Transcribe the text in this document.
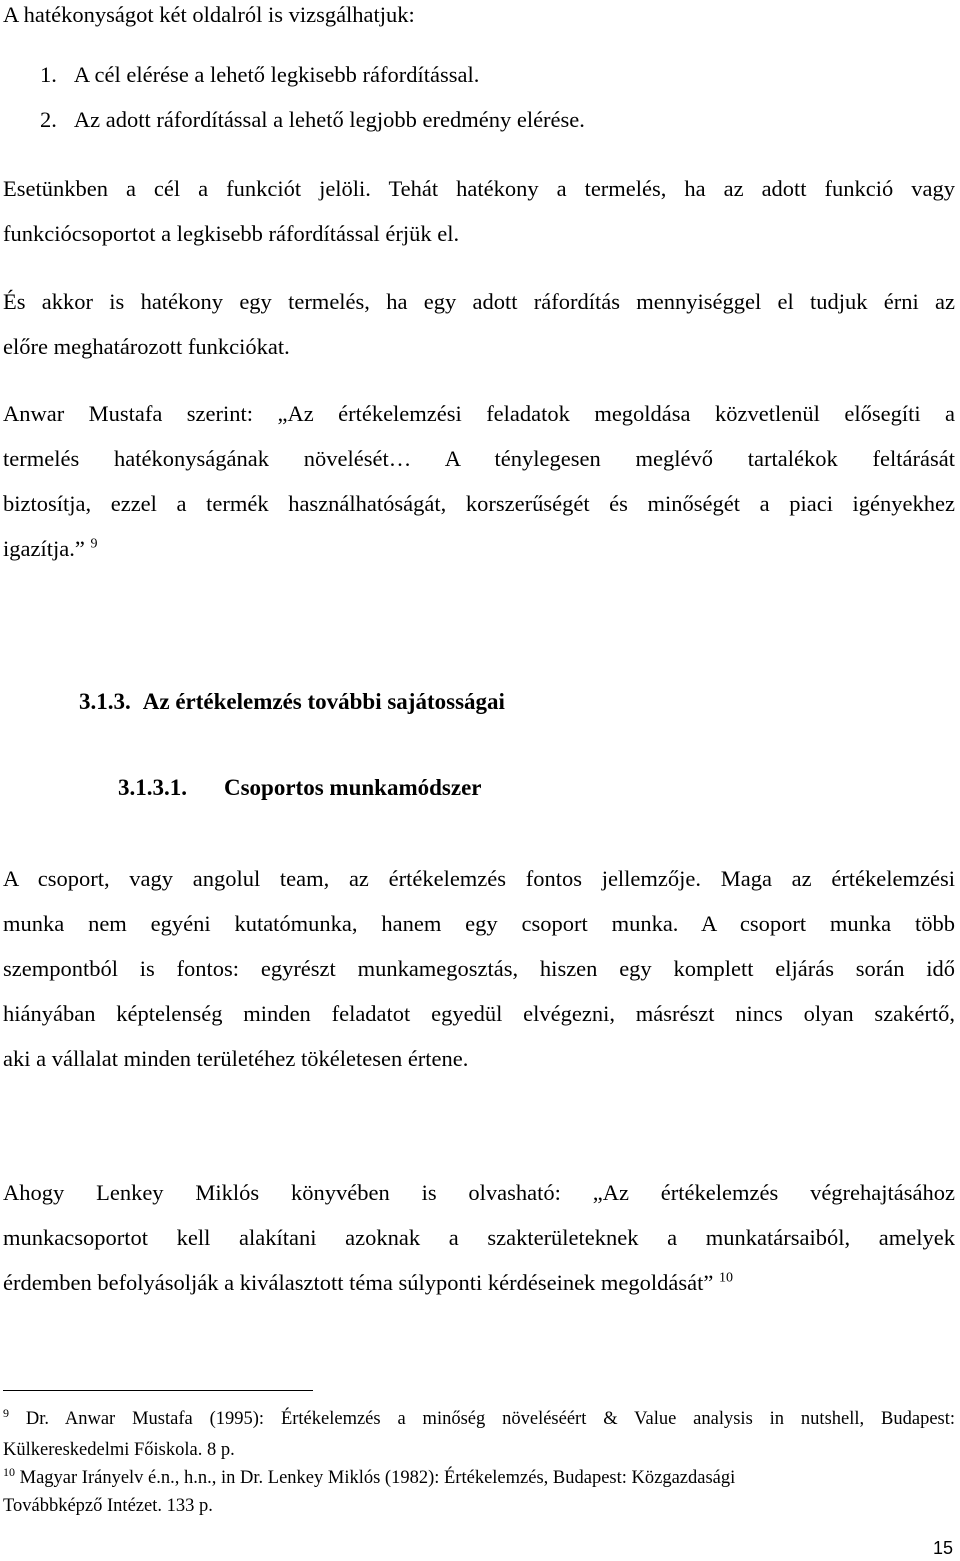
A hatékonyságot két oldalról is vizsgálhatjuk:
1. A cél elérése a lehető legkisebb ráfordítással.
2. Az adott ráfordítással a lehető legjobb eredmény elérése.
Esetünkben a cél a funkciót jelöli. Tehát hatékony a termelés, ha az adott funkció vagy
funkciócsoportot a legkisebb ráfordítással érjük el.
És akkor is hatékony egy termelés, ha egy adott ráfordítás mennyiséggel el tudjuk érni az
előre meghatározott funkciókat.
Anwar Mustafa szerint: „Az értékelemzési feladatok megoldása közvetlenül elősegíti a
termelés hatékonyságának növelését… A ténylegesen meglévő tartalékok feltárását
biztosítja, ezzel a termék használhatóságát, korszerűségét és minőségét a piaci igényekhez
igazítja.” $^9$
3.1.3. Az értékelemzés további sajátosságai
3.1.3.1. Csoportos munkamódszer
A csoport, vagy angolul team, az értékelemzés fontos jellemzője. Maga az értékelemzési
munka nem egyéni kutatómunka, hanem egy csoport munka. A csoport munka több
szempontból is fontos: egyrészt munkamegosztás, hiszen egy komplett eljárás során idő
hiányában képtelenség minden feladatot egyedül elvégezni, másrészt nincs olyan szakértő,
aki a vállalat minden területéhez tökéletesen értene.
Ahogy Lenkey Miklós könyvében is olvasható: „Az értékelemzés végrehajtásához
munkacsoportot kell alakítani azoknak a szakterületeknek a munkatársaiból, amelyek
érdemben befolyásolják a kiválasztott téma súlyponti kérdéseinek megoldását” $^{10}$
$^9$ Dr. Anwar Mustafa (1995): Értékelemzés a minőség növeléséért & Value analysis in nutshell, Budapest:
Külkereskedelmi Főiskola. 8 p.
$^{10}$ Magyar Irányelv é.n., h.n., in Dr. Lenkey Miklós (1982): Értékelemzés, Budapest: Közgazdasági
Továbbképző Intézet. 133 p.
15
